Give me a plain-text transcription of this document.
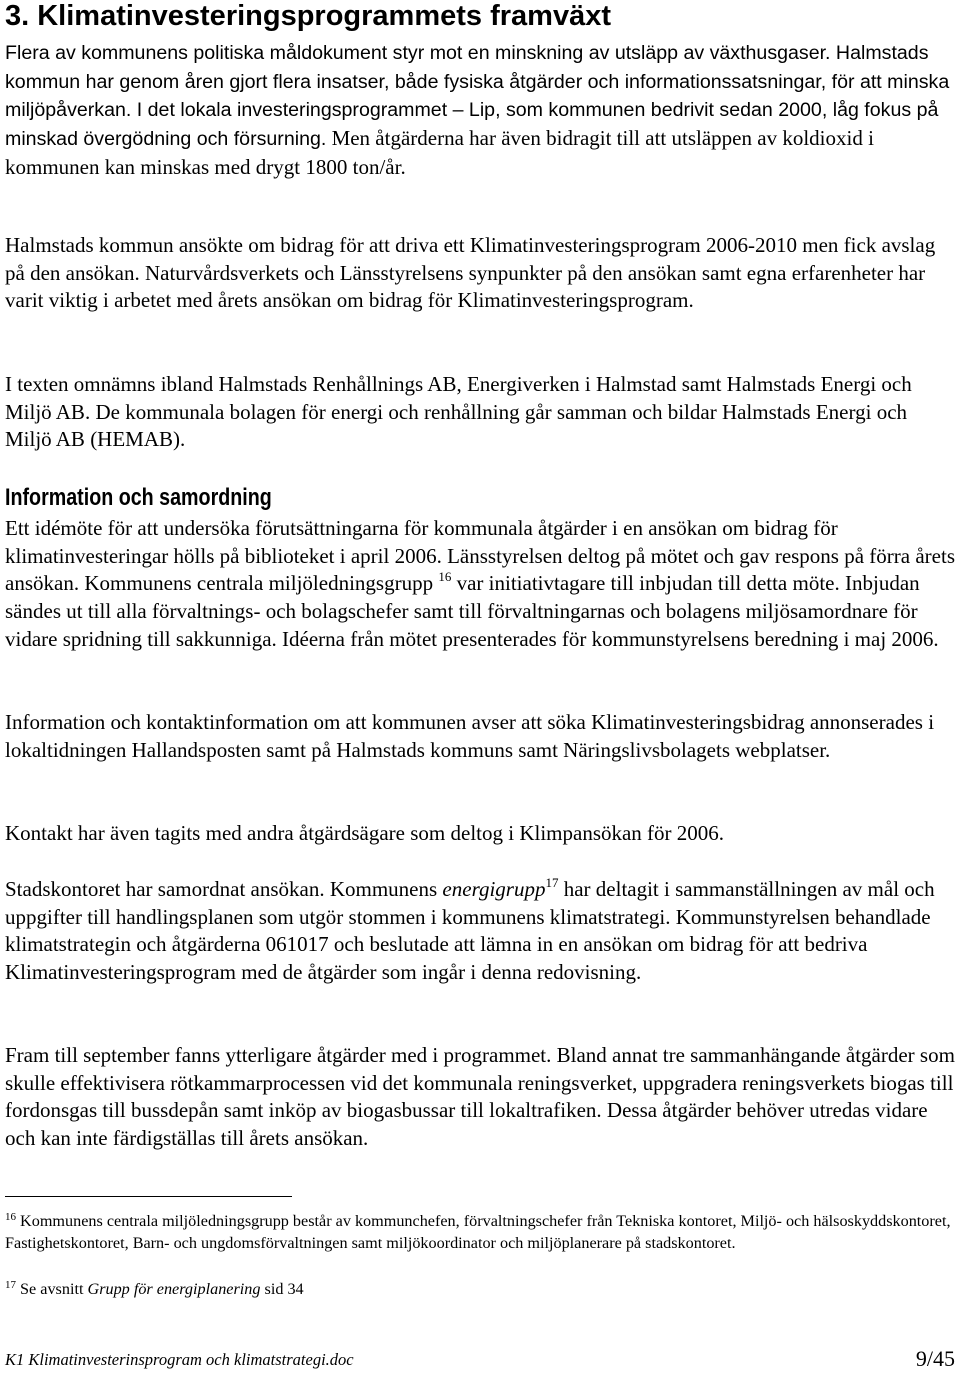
3. Klimatinvesteringsprogrammets framväxt

Flera av kommunens politiska måldokument styr mot en minskning av utsläpp av växthusgaser. Halmstads kommun har genom åren gjort flera insatser, både fysiska åtgärder och informationssatsningar, för att minska miljöpåverkan. I det lokala investeringsprogrammet – Lip, som kommunen bedrivit sedan 2000, låg fokus på minskad övergödning och försurning. Men åtgärderna har även bidragit till att utsläppen av koldioxid i kommunen kan minskas med drygt 1800 ton/år.

Halmstads kommun ansökte om bidrag för att driva ett Klimatinvesteringsprogram 2006-2010 men fick avslag på den ansökan. Naturvårdsverkets och Länsstyrelsens synpunkter på den ansökan samt egna erfarenheter har varit viktig i arbetet med årets ansökan om bidrag för Klimatinvesteringsprogram.

I texten omnämns ibland Halmstads Renhållnings AB, Energiverken i Halmstad samt Halmstads Energi och Miljö AB. De kommunala bolagen för energi och renhållning går samman och bildar Halmstads Energi och Miljö AB (HEMAB).

Information och samordning

Ett idémöte för att undersöka förutsättningarna för kommunala åtgärder i en ansökan om bidrag för klimatinvesteringar hölls på biblioteket i april 2006. Länsstyrelsen deltog på mötet och gav respons på förra årets ansökan. Kommunens centrala miljöledningsgrupp $^{16}$ var initiativtagare till inbjudan till detta möte. Inbjudan sändes ut till alla förvaltnings- och bolagschefer samt till förvaltningarnas och bolagens miljösamordnare för vidare spridning till sakkunniga. Idéerna från mötet presenterades för kommunstyrelsens beredning i maj 2006.

Information och kontaktinformation om att kommunen avser att söka Klimatinvesteringsbidrag annonserades i lokaltidningen Hallandsposten samt på Halmstads kommuns samt Näringslivsbolagets webplatser.

Kontakt har även tagits med andra åtgärdsägare som deltog i Klimpansökan för 2006.

Stadskontoret har samordnat ansökan. Kommunens energigrupp$^{17}$ har deltagit i sammanställningen av mål och uppgifter till handlingsplanen som utgör stommen i kommunens klimatstrategi. Kommunstyrelsen behandlade klimatstrategin och åtgärderna 061017 och beslutade att lämna in en ansökan om bidrag för att bedriva Klimatinvesteringsprogram med de åtgärder som ingår i denna redovisning.

Fram till september fanns ytterligare åtgärder med i programmet. Bland annat tre sammanhängande åtgärder som skulle effektivisera rötkammarprocessen vid det kommunala reningsverket, uppgradera reningsverkets biogas till fordonsgas till bussdepån samt inköp av biogasbussar till lokaltrafiken. Dessa åtgärder behöver utredas vidare och kan inte färdigställas till årets ansökan.

$^{16}$ Kommunens centrala miljöledningsgrupp består av kommunchefen, förvaltningschefer från Tekniska kontoret, Miljö- och hälsoskyddskontoret, Fastighetskontoret, Barn- och ungdomsförvaltningen samt miljökoordinator och miljöplanerare på stadskontoret.
$^{17}$ Se avsnitt Grupp för energiplanering sid 34
K1 Klimatinvesterinsprogram och klimatstrategi.doc	9/45
